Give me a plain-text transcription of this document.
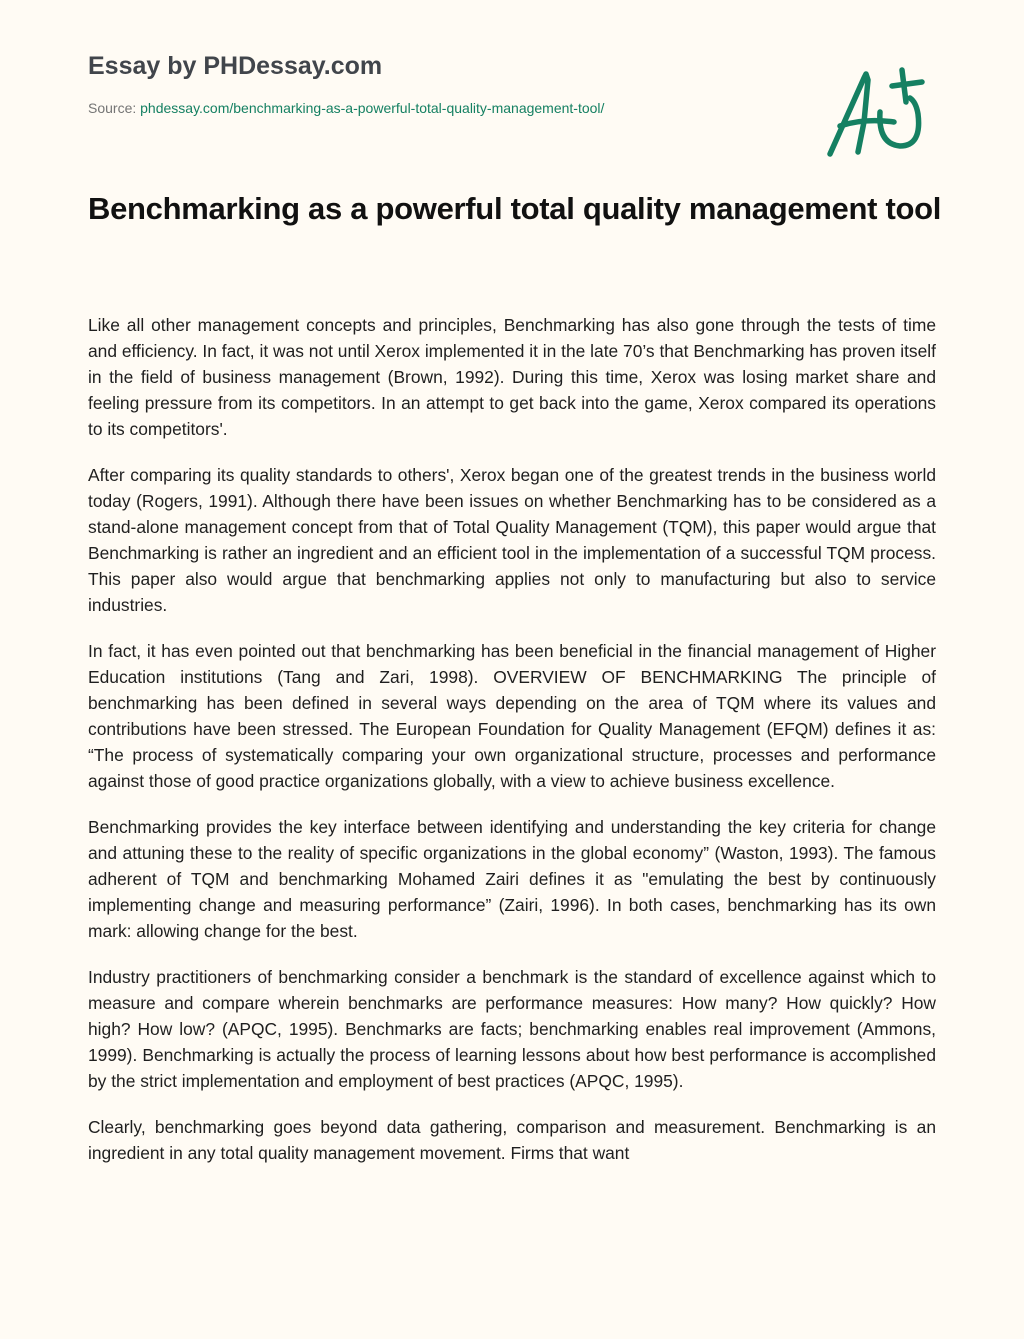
Essay by PHDessay.com
Source: phdessay.com/benchmarking-as-a-powerful-total-quality-management-tool/
Benchmarking as a powerful total quality management tool

Like all other management concepts and principles, Benchmarking has also gone through the tests of time and efficiency. In fact, it was not until Xerox implemented it in the late 70’s that Benchmarking has proven itself in the field of business management (Brown, 1992). During this time, Xerox was losing market share and feeling pressure from its competitors. In an attempt to get back into the game, Xerox compared its operations to its competitors'.

After comparing its quality standards to others', Xerox began one of the greatest trends in the business world today (Rogers, 1991). Although there have been issues on whether Benchmarking has to be considered as a stand-alone management concept from that of Total Quality Management (TQM), this paper would argue that Benchmarking is rather an ingredient and an efficient tool in the implementation of a successful TQM process. This paper also would argue that benchmarking applies not only to manufacturing but also to service industries.

In fact, it has even pointed out that benchmarking has been beneficial in the financial management of Higher Education institutions (Tang and Zari, 1998). OVERVIEW OF BENCHMARKING The principle of benchmarking has been defined in several ways depending on the area of TQM where its values and contributions have been stressed. The European Foundation for Quality Management (EFQM) defines it as: “The process of systematically comparing your own organizational structure, processes and performance against those of good practice organizations globally, with a view to achieve business excellence.

Benchmarking provides the key interface between identifying and understanding the key criteria for change and attuning these to the reality of specific organizations in the global economy” (Waston, 1993). The famous adherent of TQM and benchmarking Mohamed Zairi defines it as "emulating the best by continuously implementing change and measuring performance” (Zairi, 1996). In both cases, benchmarking has its own mark: allowing change for the best.

Industry practitioners of benchmarking consider a benchmark is the standard of excellence against which to measure and compare wherein benchmarks are performance measures: How many? How quickly? How high? How low? (APQC, 1995). Benchmarks are facts; benchmarking enables real improvement (Ammons, 1999). Benchmarking is actually the process of learning lessons about how best performance is accomplished by the strict implementation and employment of best practices (APQC, 1995).

Clearly, benchmarking goes beyond data gathering, comparison and measurement. Benchmarking is an ingredient in any total quality management movement. Firms that want
